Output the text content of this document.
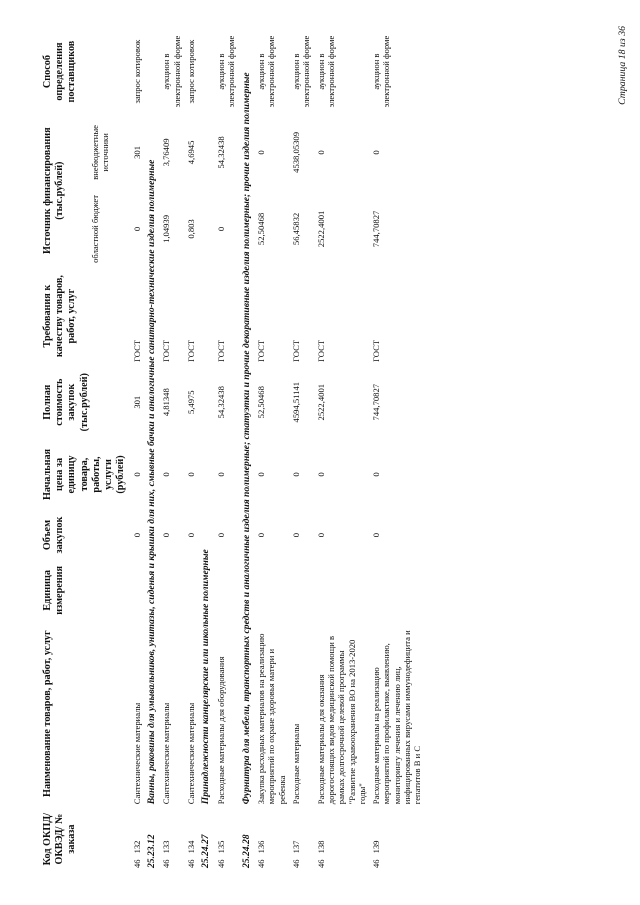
Код ОКПД/ ОКВЭД/ № заказа	Наименование товаров, работ, услуг	Единица измерения	Объем закупок	Начальная цена за единицу товара, работы, услуги (рублей)	Полная стоимость закупок (тыс.рублей)	Требования к качеству товаров, работ, услуг	Источник финансирования (тыс.рублей)		Способ определения поставщиков
							областной бюджет	внебюджетные источники	
46132	Сантехнические материалы		0	0	301	ГОСТ	0	301	запрос котировок
25.23.12	Ванны, раковины для умывальников, унитазы, сиденья и крышки для них, смывные бачки и аналогичные санитарно-технические изделия полимерные								
46133	Сантехнические материалы		0	0	4,81348	ГОСТ	1,04939	3,76409	аукцион в электронной форме
46134	Сантехнические материалы		0	0	5,4975	ГОСТ	0,803	4,6945	запрос котировок
25.24.27	Принадлежности канцелярские или школьные полимерные								
46135	Расходные материалы для оборудования		0	0	54,32438	ГОСТ	0	54,32438	аукцион в электронной форме
25.24.28	Фурнитура для мебели, транспортных средств и аналогичные изделия полимерные; статуэтки и прочие декоративные изделия полимерные; прочие изделия полимерные								
46136	Закупка расходных материалов на реализацию мероприятий по охране здоровья матери и ребенка		0	0	52,50468	ГОСТ	52,50468	0	аукцион в электронной форме
46137	Расходные материалы		0	0	4594,51141	ГОСТ	56,45832	4538,05309	аукцион в электронной форме
46138	Расходные материалы для оказания дорогостоящих видов медицинской помощи в рамках долгосрочной целевой программы "Развитие здравоохранения ВО на 2013-2020 годы"		0	0	2522,4001	ГОСТ	2522,4001	0	аукцион в электронной форме
46139	Расходные материалы на реализацию мероприятий по профилактике, выявлению, мониторингу лечения и лечению лиц, инфицированных вирусами иммунодефицита и гепатитов В и С		0	0	744,70827	ГОСТ	744,70827	0	аукцион в электронной форме	Страница 18 из 36
